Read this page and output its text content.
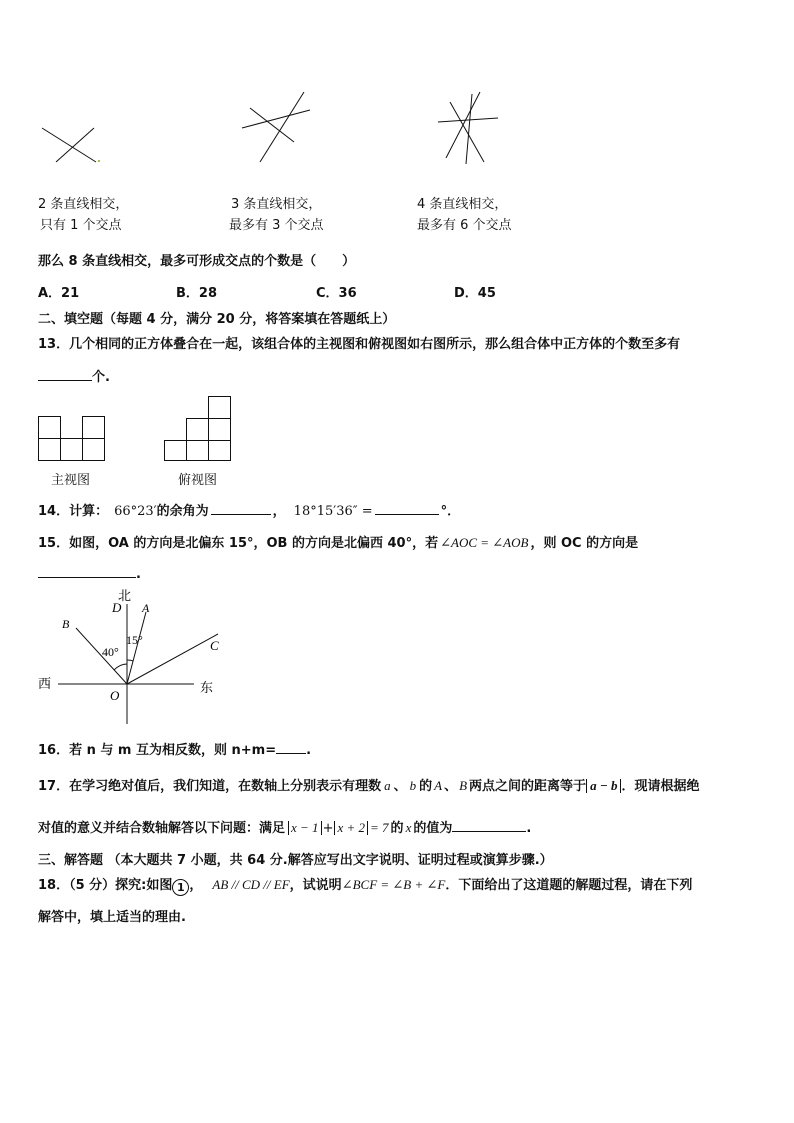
2 条直线相交，
只有 1 个交点
3 条直线相交，
最多有 3 个交点
4 条直线相交，
最多有 6 个交点
那么 8 条直线相交，最多可形成交点的个数是（　　）
A．21	B．28	C．36	D．45
二、填空题（每题 4 分，满分 20 分，将答案填在答题纸上）
13．几个相同的正方体叠合在一起，该组合体的主视图和俯视图如右图所示，那么组合体中正方体的个数至多有
个.
主视图	俯视图
14．计算： 66°23′的余角为	， 18°15′36″ =	°．
15．如图，OA 的方向是北偏东 15°，OB 的方向是北偏西 40°，若 ∠AOC = ∠AOB ，则 OC 的方向是
.
北
D A
B
C
15°
40°
西	东
O
16．若 n 与 m 互为相反数，则 n+m= .
17．在学习绝对值后，我们知道，在数轴上分别表示有理数 a 、 b 的 A 、 B 两点之间的距离等于 a − b ．现请根据绝
对值的意义并结合数轴解答以下问题：满足 x − 1 + x + 2 = 7 的 x 的值为	.
三、解答题 （本大题共 7 小题，共 64 分.解答应写出文字说明、证明过程或演算步骤.）
18．（5 分）探究:如图 1 ， AB // CD // EF，试说明∠BCF = ∠B + ∠F．下面给出了这道题的解题过程，请在下列
解答中，填上适当的理由.
